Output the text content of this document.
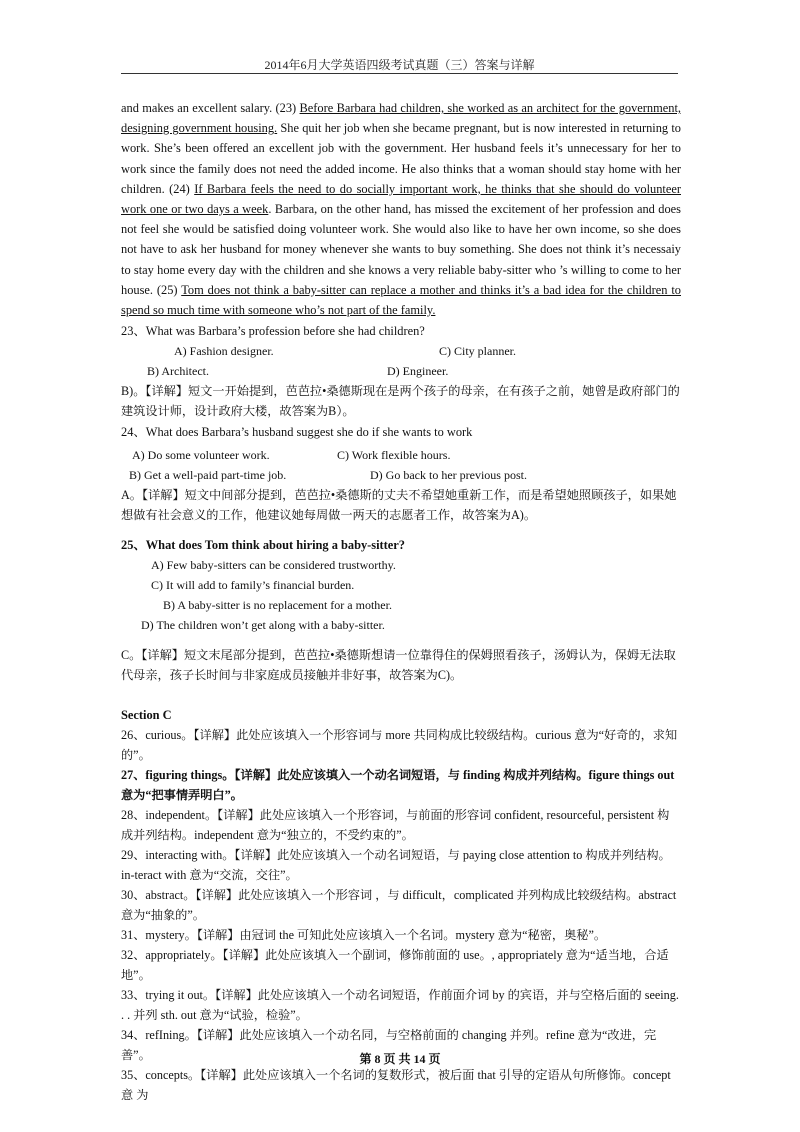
2014年6月大学英语四级考试真题（三）答案与详解

and makes an excellent salary. (23) Before Barbara had children, she worked as an architect for the government, designing government housing. She quit her job when she became pregnant, but is now interested in returning to work. She’s been offered an excellent job with the government. Her husband feels it’s unnecessary for her to work since the family does not need the added income. He also thinks that a woman should stay home with her children. (24) If Barbara feels the need to do socially important work, he thinks that she should do volunteer work one or two days a week. Barbara, on the other hand, has missed the excitement of her profession and does not feel she would be satisfied doing volunteer work. She would also like to have her own income, so she does not have to ask her husband for money whenever she wants to buy something. She does not think it’s necessaiy to stay home every day with the children and she knows a very reliable baby-sitter who ’s willing to come to her house. (25) Tom does not think a baby-sitter can replace a mother and thinks it’s a bad idea for the children to spend so much time with someone who’s not part of the family.

23、What was Barbara’s profession before she had children?

A) Fashion designer.	C) City planner.
B) Architect.	D) Engineer.

B)。【详解】短文一开始提到，芭芭拉•桑德斯现在是两个孩子的母亲，在有孩子之前，她曾是政府部门的建筑设计师，设计政府大楼，故答案为B）。

24、What does Barbara’s husband suggest she do if she wants to work

A) Do some volunteer work.	C) Work flexible hours.
B) Get a well-paid part-time job.	D) Go back to her previous post.

A。【详解】短文中间部分提到，芭芭拉•桑德斯的丈夫不希望她重新工作，而是希望她照顾孩子，如果她想做有社会意义的工作，他建议她每周做一两天的志愿者工作，故答案为A)。

25、What does Tom think about hiring a baby-sitter?

A) Few baby-sitters can be considered trustworthy.
C) It will add to family’s financial burden.
B) A baby-sitter is no replacement for a mother.
D) The children won’t get along with a baby-sitter.

C。【详解】短文末尾部分提到，芭芭拉•桑德斯想请一位靠得住的保姆照看孩子，汤姆认为，保姆无法取 代母亲，孩子长时间与非家庭成员接触并非好事，故答案为C)。

Section C

26、curious。【详解】此处应该填入一个形容词与 more 共同构成比较级结构。curious 意为“好奇的，求知的”。

27、figuring things。【详解】此处应该填入一个动名词短语，与 finding 构成并列结构。figure things out 意为“把事情弄明白”。

28、independent。【详解】此处应该填入一个形容词，与前面的形容词 confident, resourceful, persistent 构成并列结构。independent 意为“独立的，不受约束的”。

29、interacting with。【详解】此处应该填入一个动名词短语，与 paying close attention to 构成并列结构。in-teract with 意为“交流，交往”。

30、abstract。【详解】此处应该填入一个形容词 ，与 difficult，complicated 并列构成比较级结构。abstract 意为“抽象的”。

31、mystery。【详解】由冠词 the 可知此处应该填入一个名词。mystery 意为“秘密，奥秘”。

32、appropriately。【详解】此处应该填入一个副词，修饰前面的 use。, appropriately 意为“适当地，合适地”。

33、trying it out。【详解】此处应该填入一个动名词短语，作前面介词 by 的宾语，并与空格后面的 seeing. . . 并列 sth. out 意为“试验，检验”。

34、refIning。【详解】此处应该填入一个动名同，与空格前面的 changing 并列。refine 意为“改进，完善”。

35、concepts。【详解】此处应该填入一个名词的复数形式，被后面 that 引导的定语从句所修饰。concept 意 为

第 8 页 共 14 页
